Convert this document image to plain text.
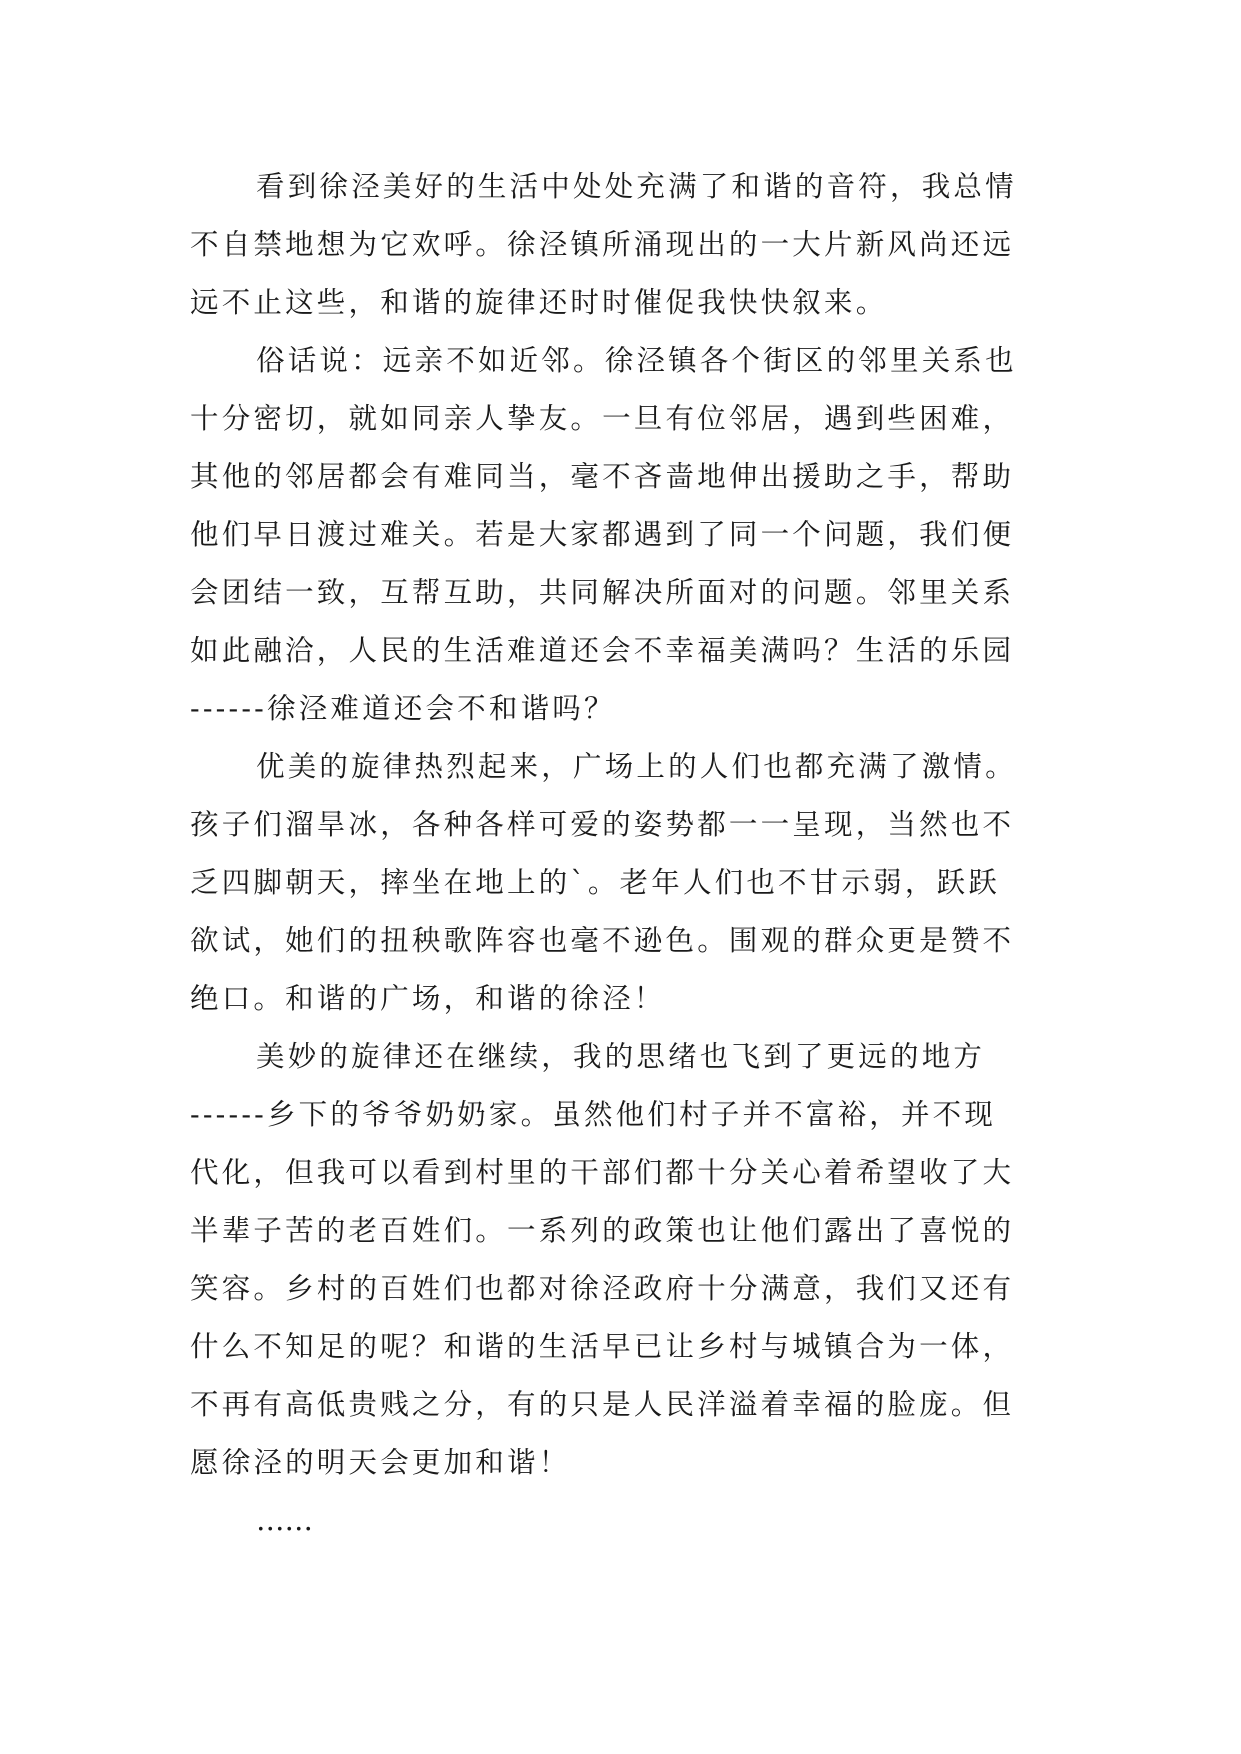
看到徐泾美好的生活中处处充满了和谐的音符，我总情
不自禁地想为它欢呼。徐泾镇所涌现出的一大片新风尚还远
远不止这些，和谐的旋律还时时催促我快快叙来。
俗话说：远亲不如近邻。徐泾镇各个街区的邻里关系也
十分密切，就如同亲人挚友。一旦有位邻居，遇到些困难，
其他的邻居都会有难同当，毫不吝啬地伸出援助之手，帮助
他们早日渡过难关。若是大家都遇到了同一个问题，我们便
会团结一致，互帮互助，共同解决所面对的问题。邻里关系
如此融洽，人民的生活难道还会不幸福美满吗？生活的乐园
------徐泾难道还会不和谐吗？
优美的旋律热烈起来，广场上的人们也都充满了激情。
孩子们溜旱冰，各种各样可爱的姿势都一一呈现，当然也不
乏四脚朝天，摔坐在地上的`。老年人们也不甘示弱，跃跃
欲试，她们的扭秧歌阵容也毫不逊色。围观的群众更是赞不
绝口。和谐的广场，和谐的徐泾！
美妙的旋律还在继续，我的思绪也飞到了更远的地方
------乡下的爷爷奶奶家。虽然他们村子并不富裕，并不现
代化，但我可以看到村里的干部们都十分关心着希望收了大
半辈子苦的老百姓们。一系列的政策也让他们露出了喜悦的
笑容。乡村的百姓们也都对徐泾政府十分满意，我们又还有
什么不知足的呢？和谐的生活早已让乡村与城镇合为一体，
不再有高低贵贱之分，有的只是人民洋溢着幸福的脸庞。但
愿徐泾的明天会更加和谐！
……
